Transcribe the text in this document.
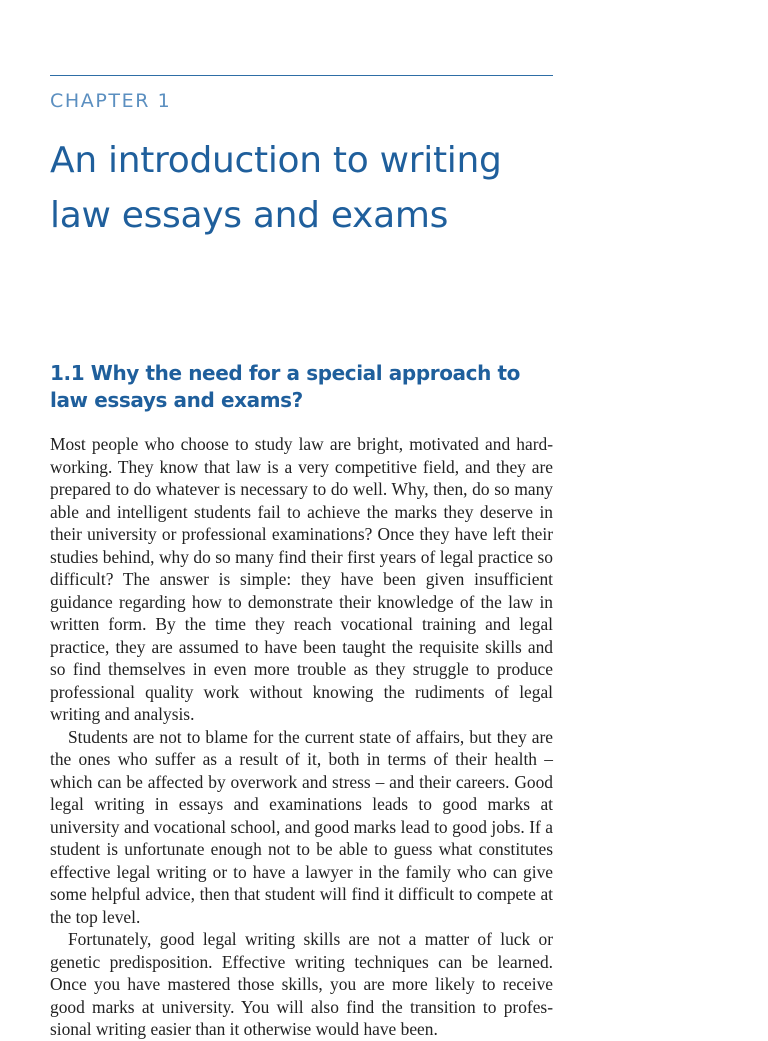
CHAPTER 1
An introduction to writing law essays and exams
1.1 Why the need for a special approach to law essays and exams?

Most people who choose to study law are bright, motivated and hard-working. They know that law is a very competitive field, and they are prepared to do whatever is necessary to do well. Why, then, do so many able and intelligent students fail to achieve the marks they deserve in their university or professional examinations? Once they have left their studies behind, why do so many find their first years of legal practice so difficult? The answer is simple: they have been given insufficient guidance regarding how to demonstrate their knowledge of the law in written form. By the time they reach vocational training and legal practice, they are assumed to have been taught the requisite skills and so find themselves in even more trouble as they struggle to produce professional quality work without knowing the rudiments of legal writing and analysis.

Students are not to blame for the current state of affairs, but they are the ones who suffer as a result of it, both in terms of their health – which can be affected by overwork and stress – and their careers. Good legal writing in essays and examinations leads to good marks at university and vocational school, and good marks lead to good jobs. If a student is unfortunate enough not to be able to guess what constitutes effective legal writing or to have a lawyer in the family who can give some helpful advice, then that student will find it difficult to compete at the top level.

Fortunately, good legal writing skills are not a matter of luck or genetic predisposition. Effective writing techniques can be learned. Once you have mastered those skills, you are more likely to receive good marks at university. You will also find the transition to professional writing easier than it otherwise would have been.
